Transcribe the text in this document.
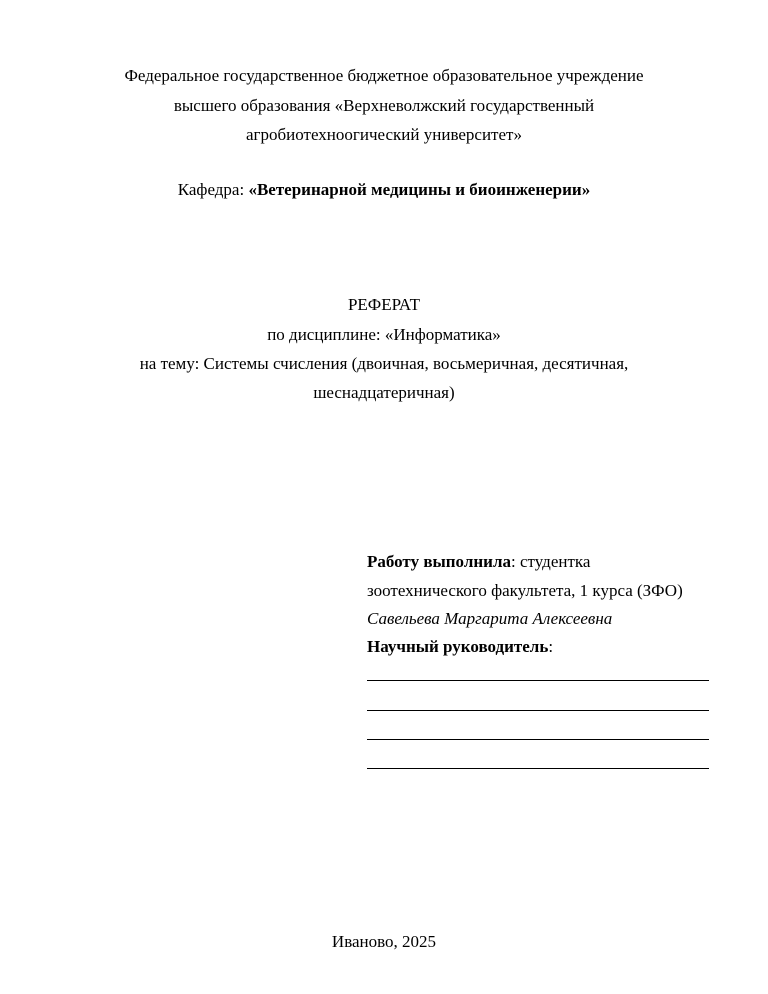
Федеральное государственное бюджетное образовательное учреждение
высшего образования «Верхневолжский государственный
агробиотехноогический университет»
Кафедра: «Ветеринарной медицины и биоинженерии»
РЕФЕРАТ
по дисциплине: «Информатика»
на тему: Системы счисления (двоичная, восьмеричная, десятичная,
шеснадцатеричная)
Работу выполнила: студентка
зоотехнического факультета, 1 курса (ЗФО)
Савельева Маргарита Алексеевна
Научный руководитель:
Иваново, 2025
